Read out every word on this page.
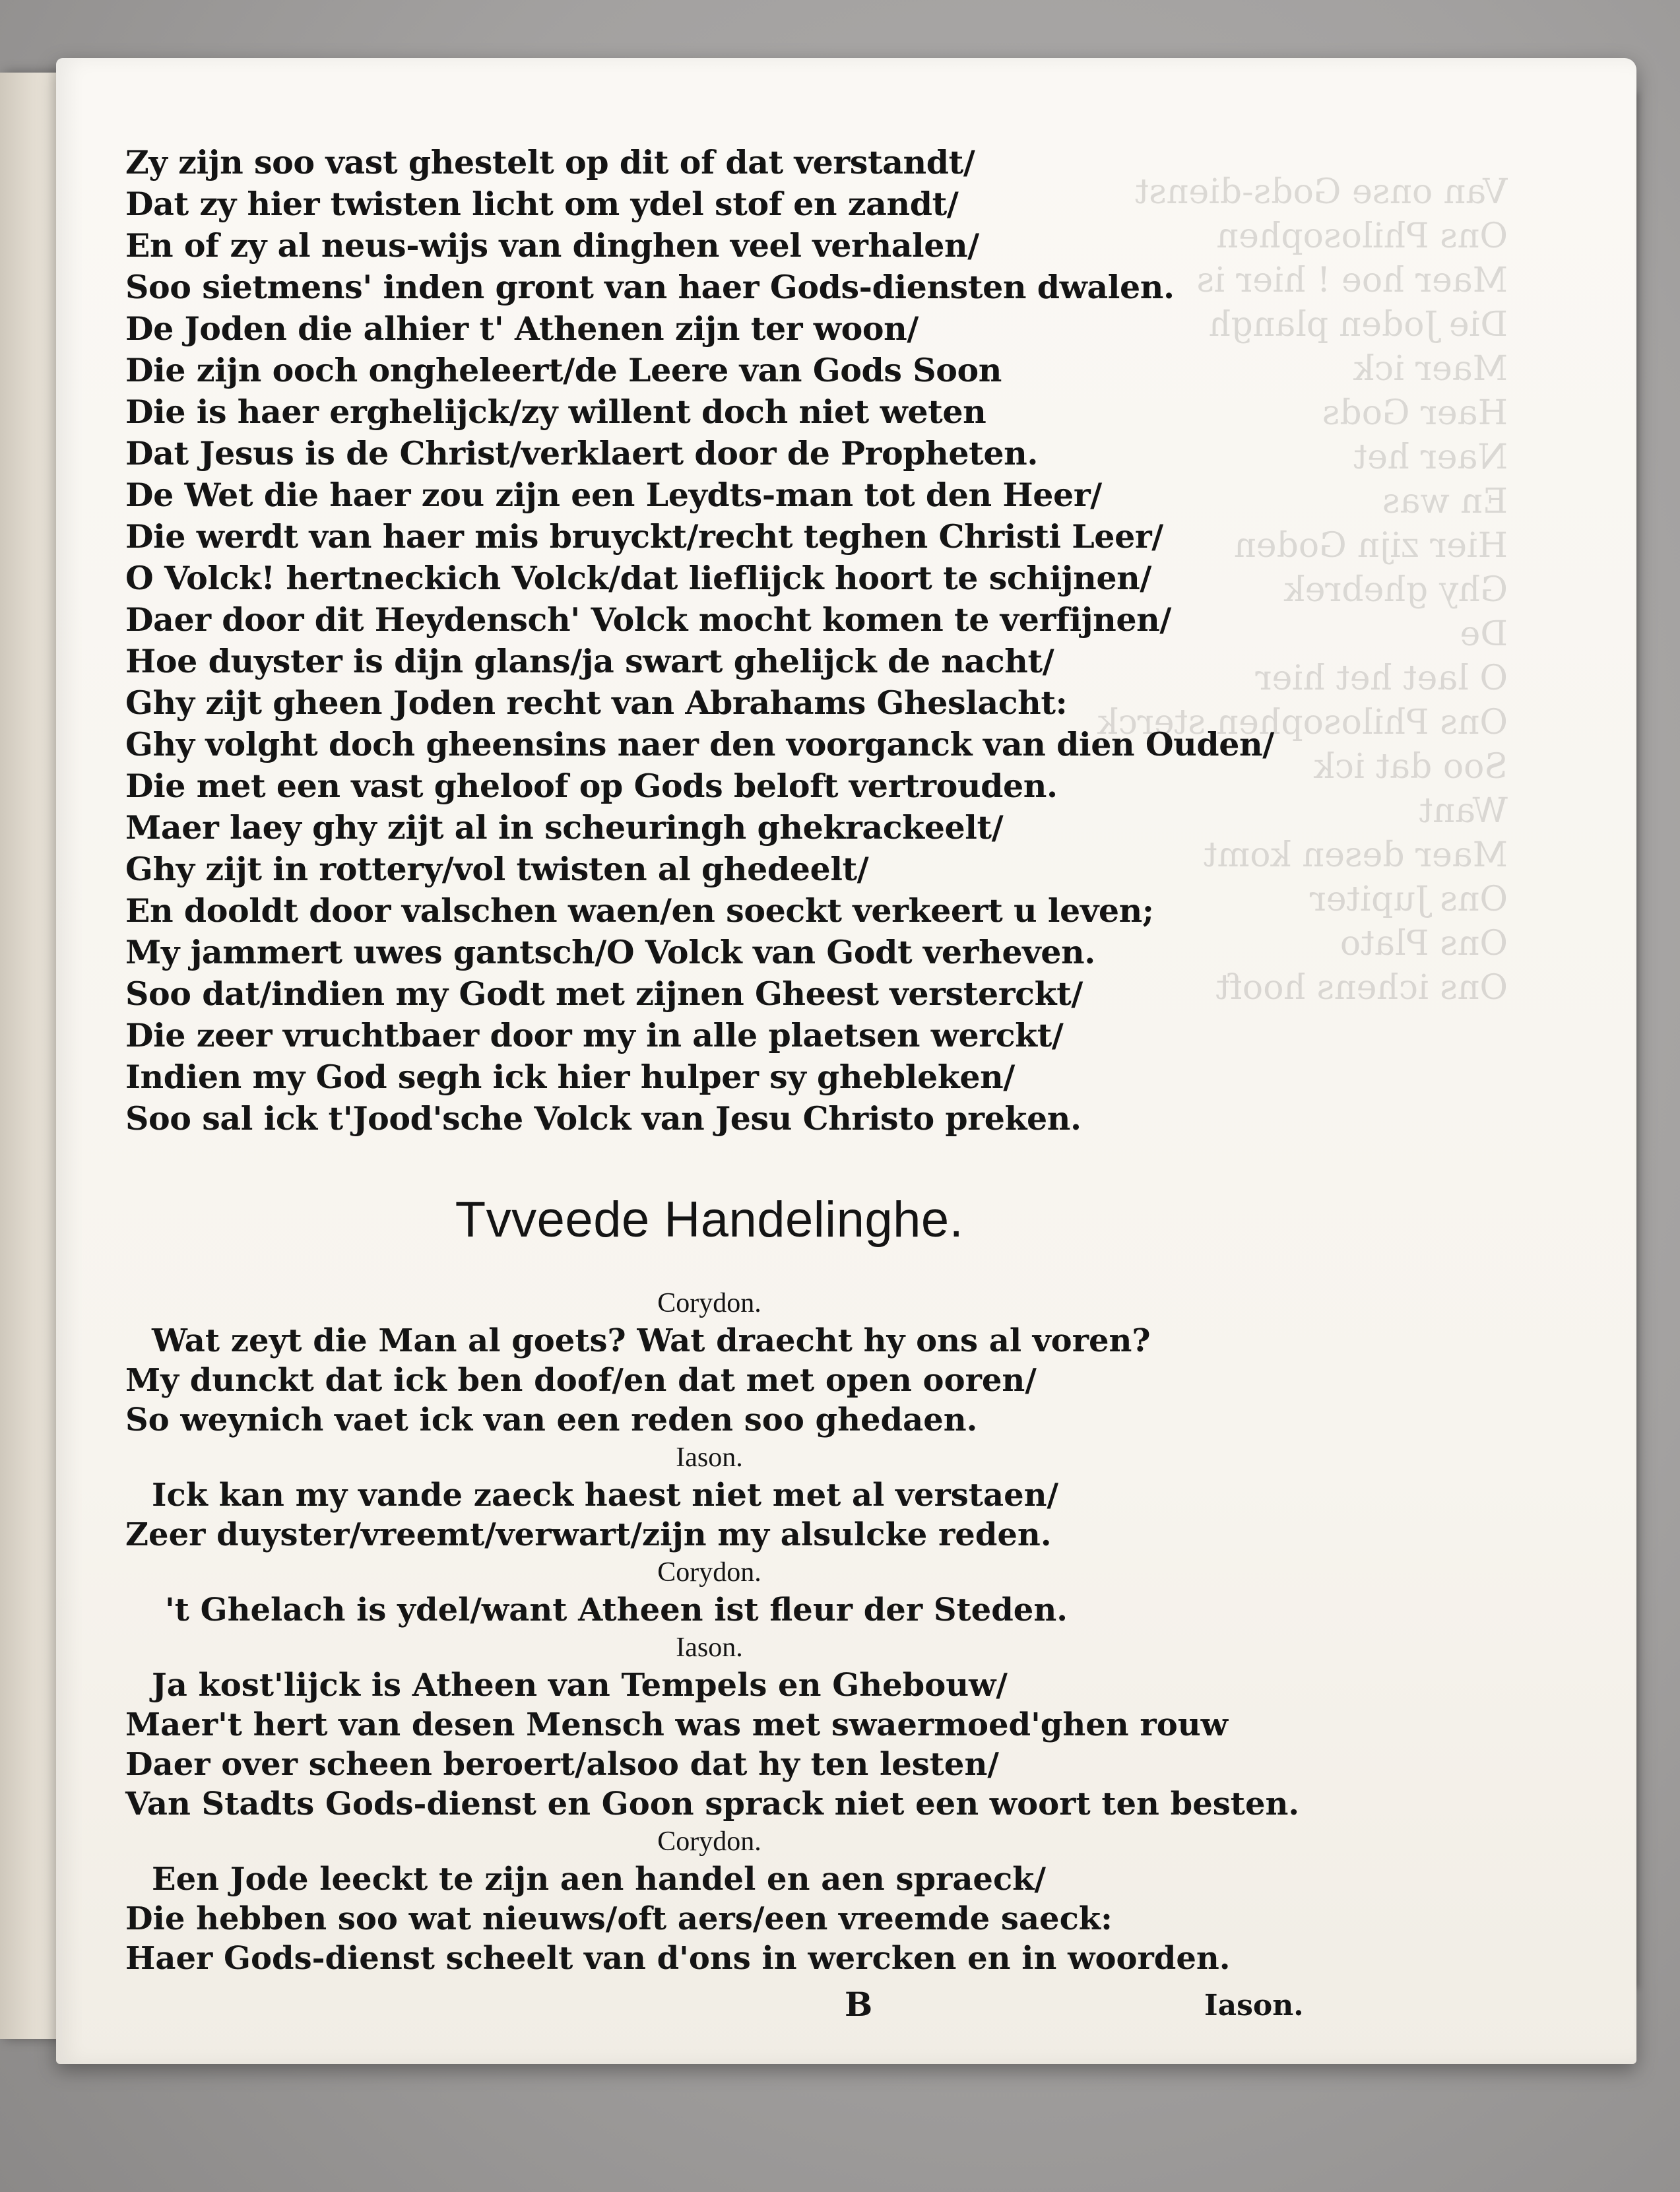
Van onse Gods-dienst
Ons Philosophen
Maer hoe ! hier is
Die Joden plangh
Maer ick
Haer Gods
Naer het
En was
Hier zijn Goden
Ghy ghebrek
De
O laet het hier
Ons Philosophen sterck
Soo dat ick
Want
Maer desen komt
Ons Jupiter
Ons Plato
Ons ichens hooft
Zy zijn soo vast ghestelt op dit of dat verstandt/
Dat zy hier twisten licht om ydel stof en zandt/
En of zy al neus-wijs van dinghen veel verhalen/
Soo sietmens' inden gront van haer Gods-diensten dwalen.
De Joden die alhier t' Athenen zijn ter woon/
Die zijn ooch ongheleert/de Leere van Gods Soon
Die is haer erghelijck/zy willent doch niet weten
Dat Jesus is de Christ/verklaert door de Propheten.
De Wet die haer zou zijn een Leydts-man tot den Heer/
Die werdt van haer mis bruyckt/recht teghen Christi Leer/
O Volck! hertneckich Volck/dat lieflijck hoort te schijnen/
Daer door dit Heydensch' Volck mocht komen te verfijnen/
Hoe duyster is dijn glans/ja swart ghelijck de nacht/
Ghy zijt gheen Joden recht van Abrahams Gheslacht:
Ghy volght doch gheensins naer den voorganck van dien Ouden/
Die met een vast gheloof op Gods beloft vertrouden.
Maer laey ghy zijt al in scheuringh ghekrackeelt/
Ghy zijt in rottery/vol twisten al ghedeelt/
En dooldt door valschen waen/en soeckt verkeert u leven;
My jammert uwes gantsch/O Volck van Godt verheven.
Soo dat/indien my Godt met zijnen Gheest versterckt/
Die zeer vruchtbaer door my in alle plaetsen werckt/
Indien my God segh ick hier hulper sy ghebleken/
Soo sal ick t'Jood'sche Volck van Jesu Christo preken.
Tvveede Handelinghe.
Corydon.
Wat zeyt die Man al goets? Wat draecht hy ons al voren?
My dunckt dat ick ben doof/en dat met open ooren/
So weynich vaet ick van een reden soo ghedaen.
Iason.
Ick kan my vande zaeck haest niet met al verstaen/
Zeer duyster/vreemt/verwart/zijn my alsulcke reden.
Corydon.
't Ghelach is ydel/want Atheen ist fleur der Steden.
Iason.
Ja kost'lijck is Atheen van Tempels en Ghebouw/
Maer't hert van desen Mensch was met swaermoed'ghen rouw
Daer over scheen beroert/alsoo dat hy ten lesten/
Van Stadts Gods-dienst en Goon sprack niet een woort ten besten.
Corydon.
Een Jode leeckt te zijn aen handel en aen spraeck/
Die hebben soo wat nieuws/oft aers/een vreemde saeck:
Haer Gods-dienst scheelt van d'ons in wercken en in woorden.
B	Iason.
